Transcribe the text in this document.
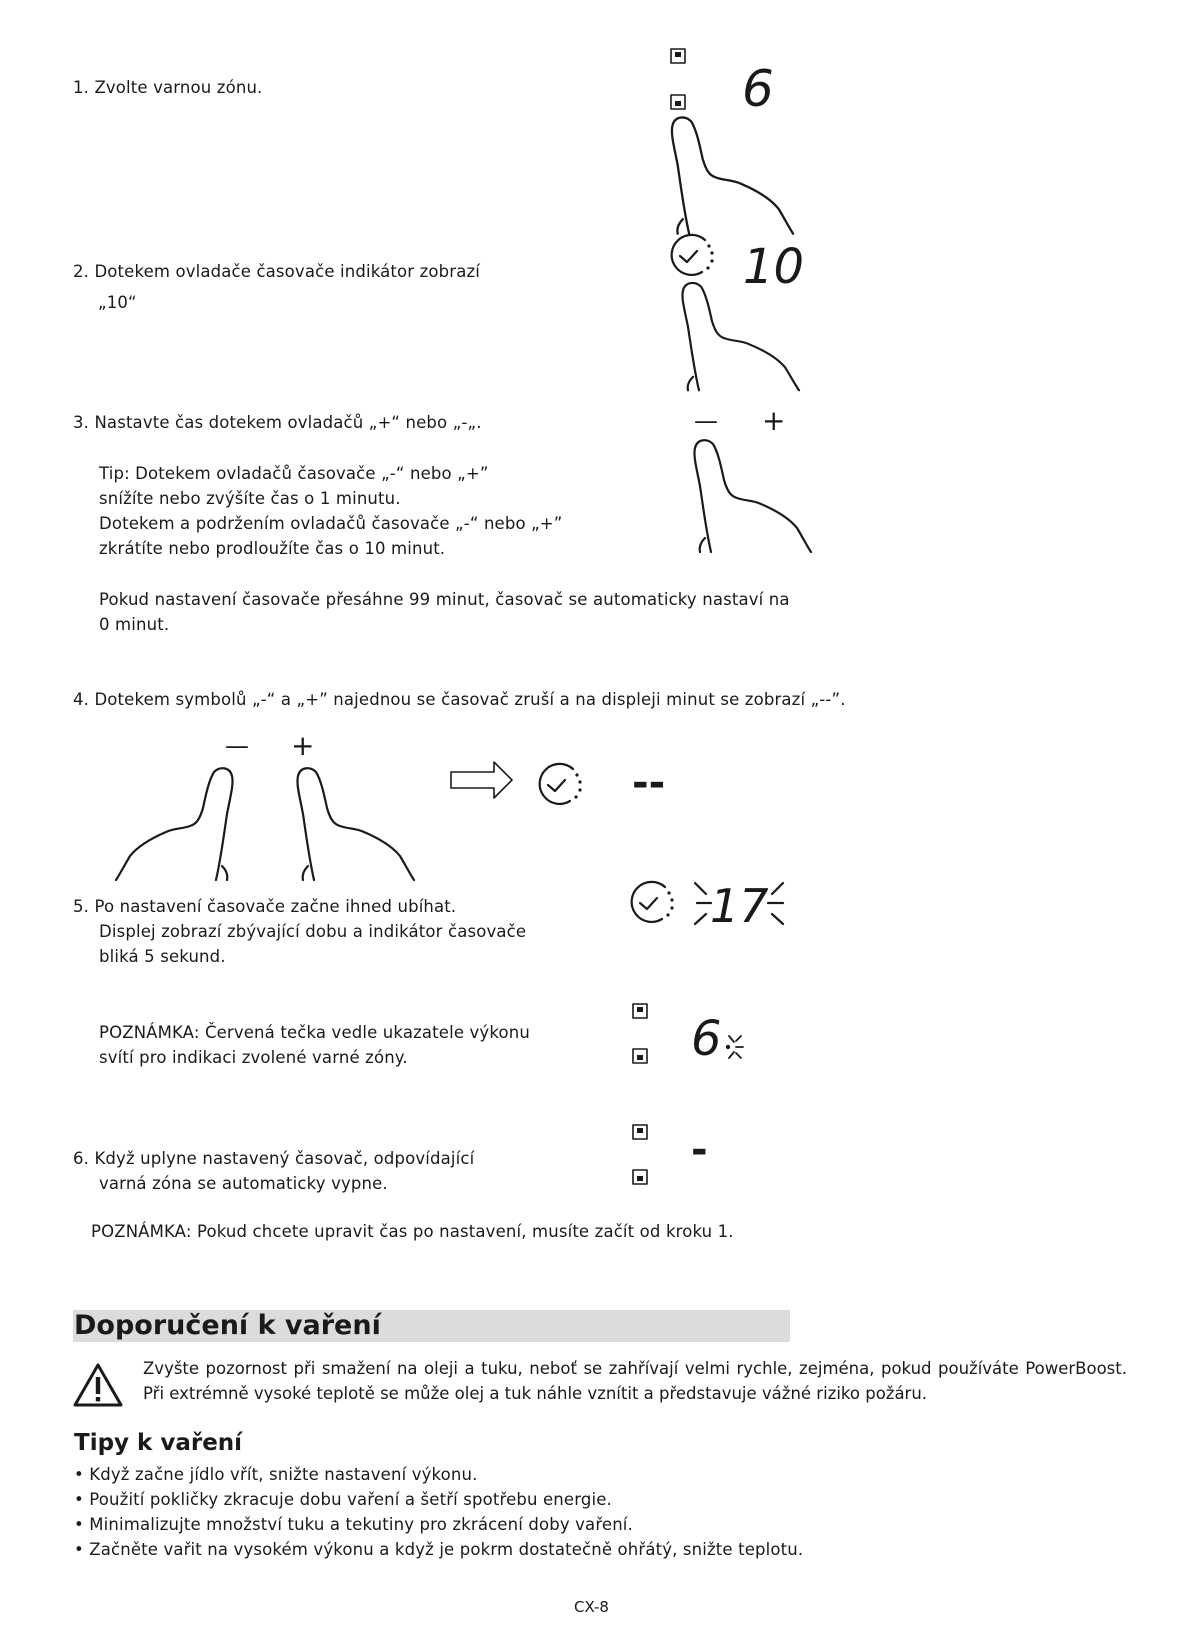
1. Zvolte varnou zónu.
2. Dotekem ovladače časovače indikátor zobrazí
„10“
3. Nastavte čas dotekem ovladačů „+“ nebo „-„.
Tip: Dotekem ovladačů časovače „-“ nebo „+”
snížíte nebo zvýšíte čas o 1 minutu.
Dotekem a podržením ovladačů časovače „-“ nebo „+”
zkrátíte nebo prodloužíte čas o 10 minut.
Pokud nastavení časovače přesáhne 99 minut, časovač se automaticky nastaví na
0 minut.
4. Dotekem symbolů „-“ a „+” najednou se časovač zruší a na displeji minut se zobrazí „--”.
5. Po nastavení časovače začne ihned ubíhat.
Displej zobrazí zbývající dobu a indikátor časovače
bliká 5 sekund.
POZNÁMKA: Červená tečka vedle ukazatele výkonu
svítí pro indikaci zvolené varné zóny.
6. Když uplyne nastavený časovač, odpovídající
varná zóna se automaticky vypne.
POZNÁMKA: Pokud chcete upravit čas po nastavení, musíte začít od kroku 1.
6
10
— +
— +
--
17
6
-
Doporučení k vaření
Zvyšte pozornost při smažení na oleji a tuku, neboť se zahřívají velmi rychle, zejména, pokud používáte PowerBoost. Při extrémně vysoké teplotě se může olej a tuk náhle vznítit a představuje vážné riziko požáru.
Tipy k vaření
• Když začne jídlo vřít, snižte nastavení výkonu.
• Použití pokličky zkracuje dobu vaření a šetří spotřebu energie.
• Minimalizujte množství tuku a tekutiny pro zkrácení doby vaření.
• Začněte vařit na vysokém výkonu a když je pokrm dostatečně ohřátý, snižte teplotu.
CX-8
